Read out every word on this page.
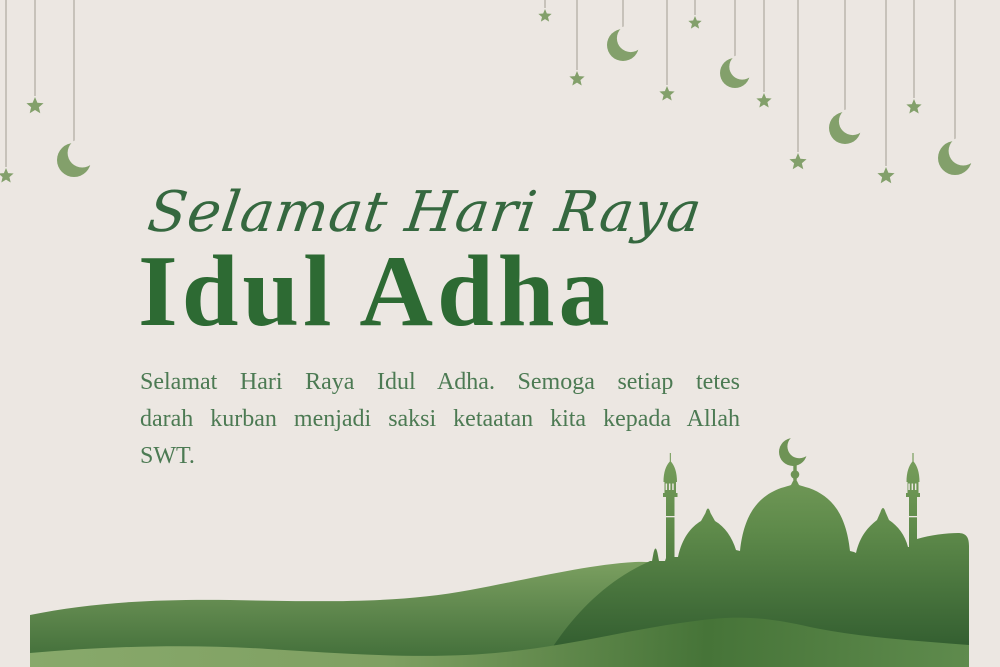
Selamat Hari Raya
Idul Adha
Selamat Hari Raya Idul Adha. Semoga setiap tetes
darah kurban menjadi saksi ketaatan kita kepada Allah
SWT.
